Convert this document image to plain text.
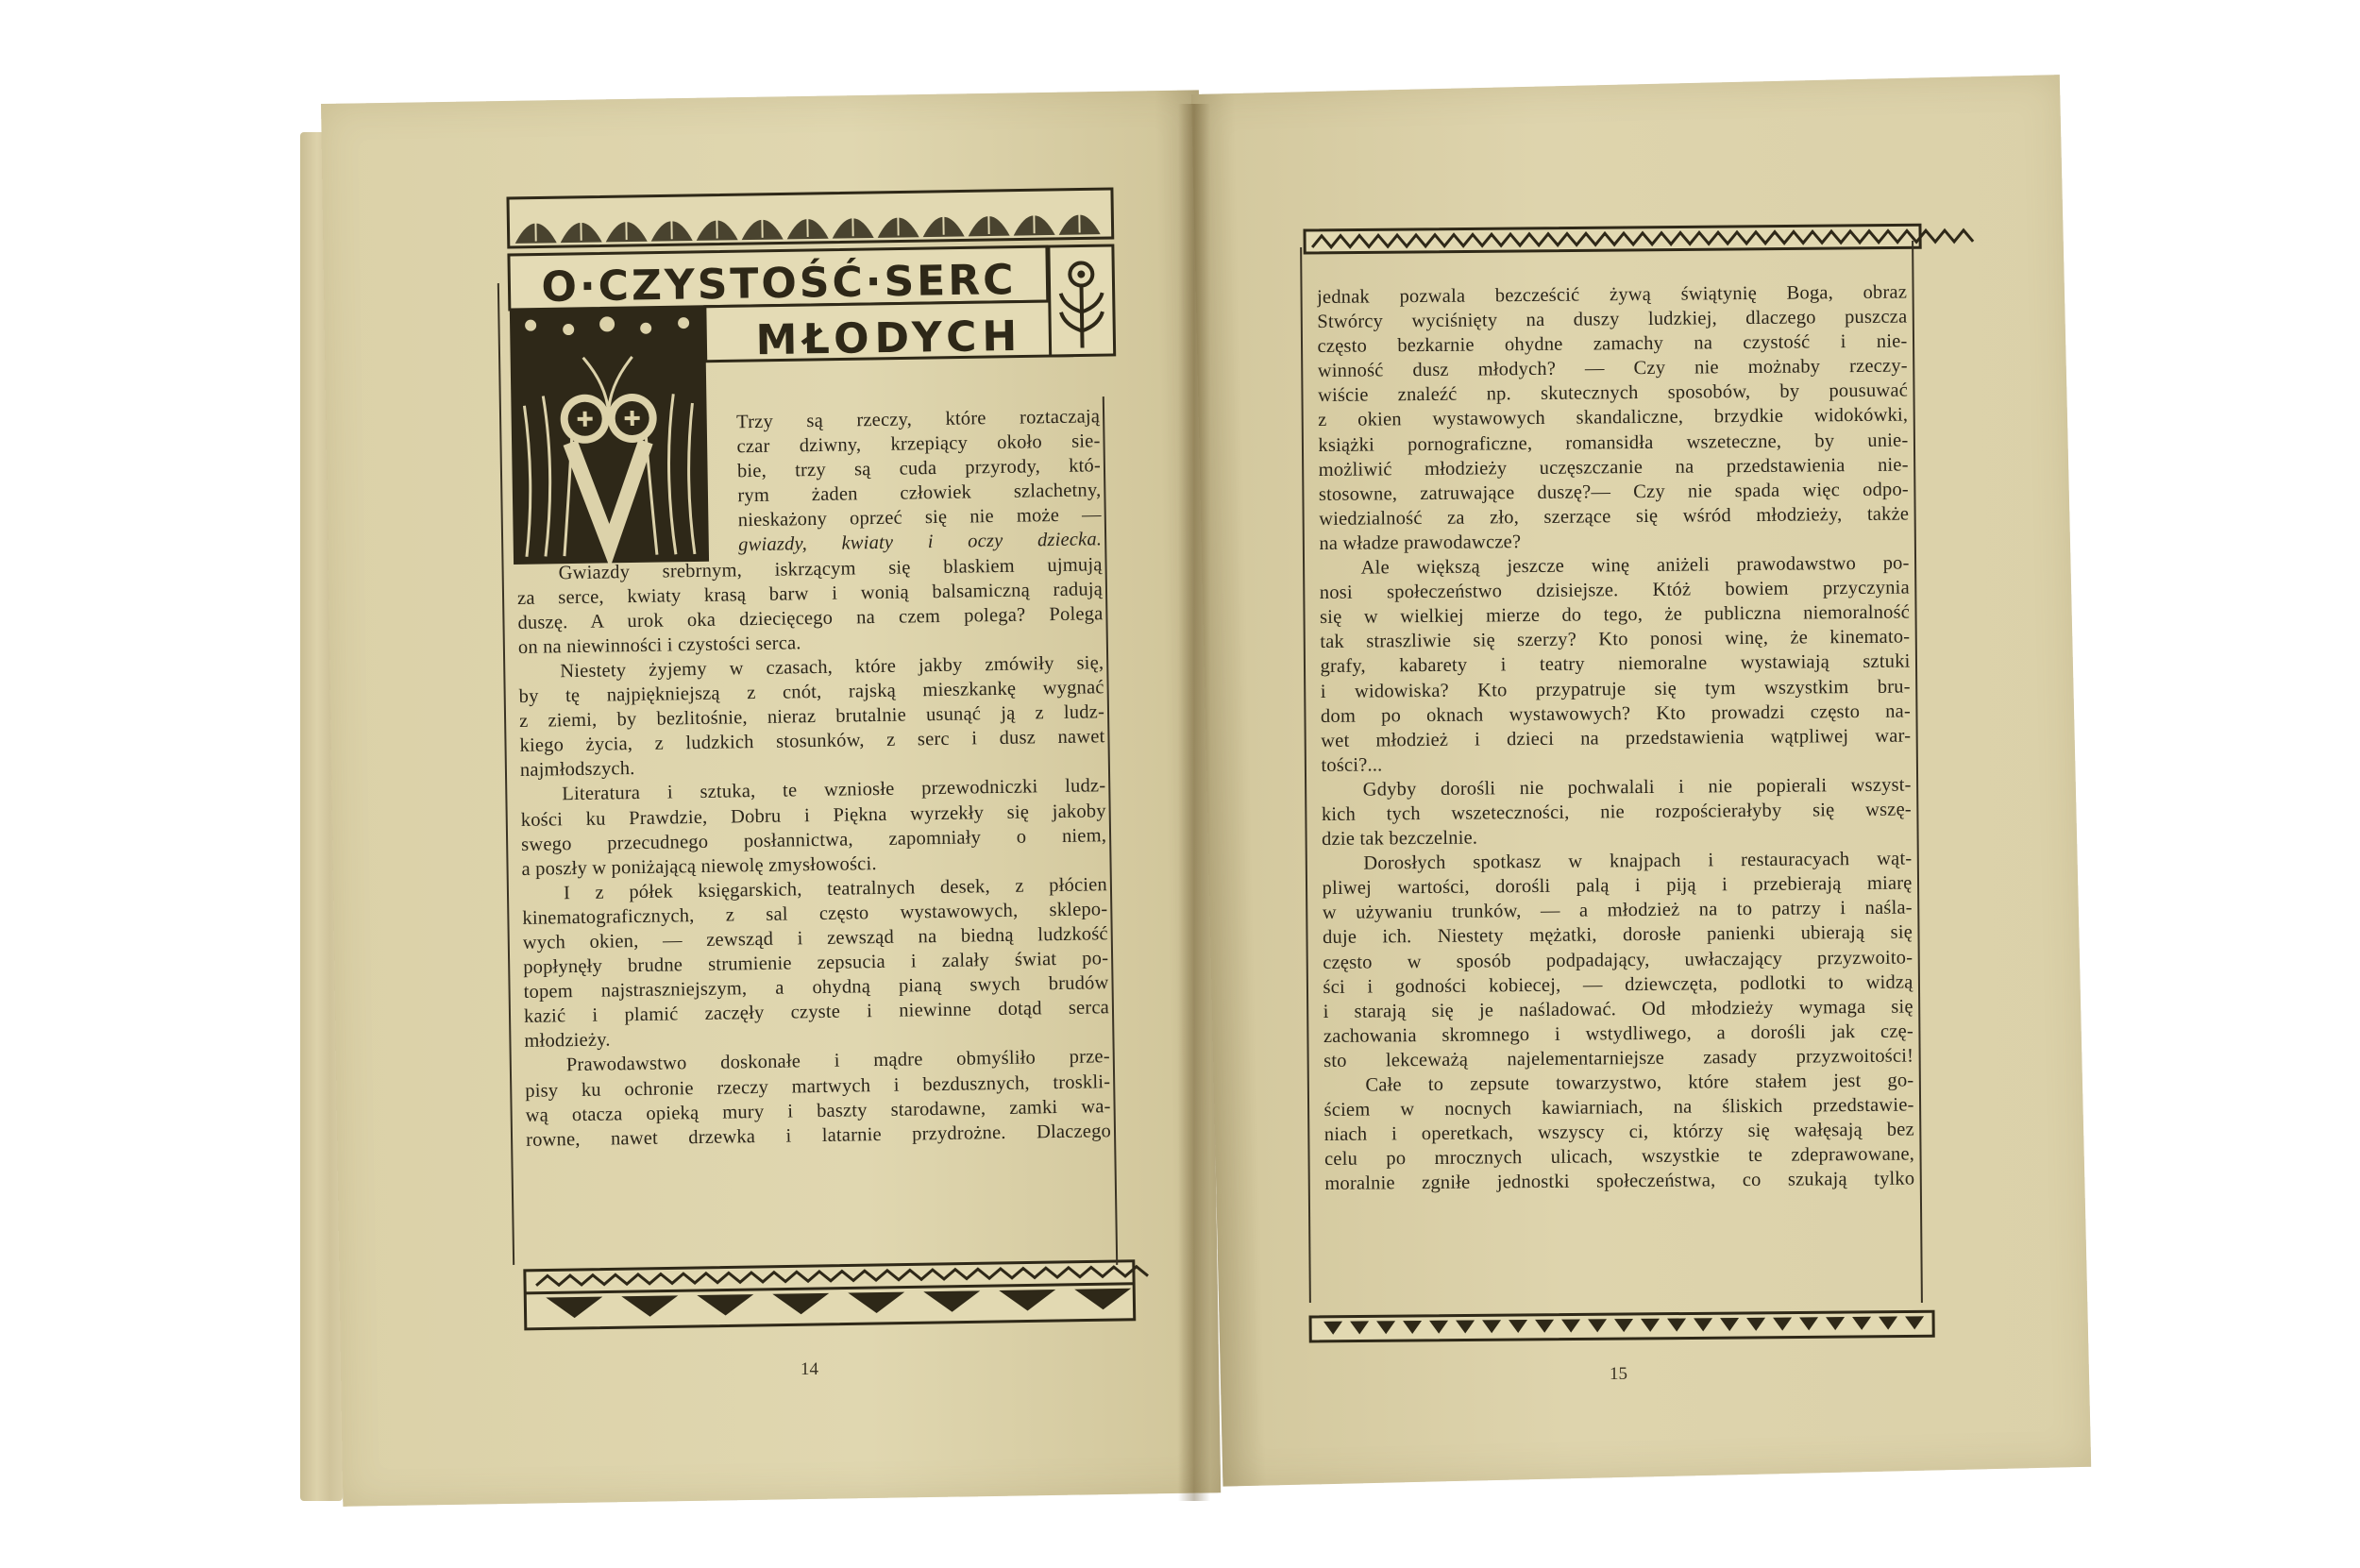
O·CZYSTOŚĆ·SERC
MŁODYCH
Trzy są rzeczy, które roztaczają
czar dziwny, krzepiący około sie-
bie, trzy są cuda przyrody, któ-
rym żaden człowiek szlachetny,
nieskażony oprzeć się nie może —
gwiazdy, kwiaty i oczy dziecka.
Gwiazdy srebrnym, iskrzącym się blaskiem ujmują
za serce, kwiaty krasą barw i wonią balsamiczną radują
duszę. A urok oka dziecięcego na czem polega? Polega
on na niewinności i czystości serca.
Niestety żyjemy w czasach, które jakby zmówiły się,
by tę najpiękniejszą z cnót, rajską mieszkankę wygnać
z ziemi, by bezlitośnie, nieraz brutalnie usunąć ją z ludz-
kiego życia, z ludzkich stosunków, z serc i dusz nawet
najmłodszych.
Literatura i sztuka, te wzniosłe przewodniczki ludz-
kości ku Prawdzie, Dobru i Piękna wyrzekły się jakoby
swego przecudnego posłannictwa, zapomniały o niem,
a poszły w poniżającą niewolę zmysłowości.
I z półek księgarskich, teatralnych desek, z płócien
kinematograficznych, z sal często wystawowych, sklepo-
wych okien, — zewsząd i zewsząd na biedną ludzkość
popłynęły brudne strumienie zepsucia i zalały świat po-
topem najstraszniejszym, a ohydną pianą swych brudów
kazić i plamić zaczęły czyste i niewinne dotąd serca
młodzieży.
Prawodawstwo doskonałe i mądre obmyśliło prze-
pisy ku ochronie rzeczy martwych i bezdusznych, troskli-
wą otacza opieką mury i baszty starodawne, zamki wa-
rowne, nawet drzewka i latarnie przydrożne. Dlaczego
jednak pozwala bezcześcić żywą świątynię Boga, obraz
Stwórcy wyciśnięty na duszy ludzkiej, dlaczego puszcza
często bezkarnie ohydne zamachy na czystość i nie-
winność dusz młodych? — Czy nie możnaby rzeczy-
wiście znaleźć np. skutecznych sposobów, by pousuwać
z okien wystawowych skandaliczne, brzydkie widokówki,
książki pornograficzne, romansidła wszeteczne, by unie-
możliwić młodzieży uczęszczanie na przedstawienia nie-
stosowne, zatruwające duszę?— Czy nie spada więc odpo-
wiedzialność za zło, szerzące się wśród młodzieży, także
na władze prawodawcze?
Ale większą jeszcze winę aniżeli prawodawstwo po-
nosi społeczeństwo dzisiejsze. Któż bowiem przyczynia
się w wielkiej mierze do tego, że publiczna niemoralność
tak straszliwie się szerzy? Kto ponosi winę, że kinemato-
grafy, kabarety i teatry niemoralne wystawiają sztuki
i widowiska? Kto przypatruje się tym wszystkim bru-
dom po oknach wystawowych? Kto prowadzi często na-
wet młodzież i dzieci na przedstawienia wątpliwej war-
tości?...
Gdyby dorośli nie pochwalali i nie popierali wszyst-
kich tych wszeteczności, nie rozpościerałyby się wszę-
dzie tak bezczelnie.
Dorosłych spotkasz w knajpach i restauracyach wąt-
pliwej wartości, dorośli palą i piją i przebierają miarę
w używaniu trunków, — a młodzież na to patrzy i naśla-
duje ich. Niestety mężatki, dorosłe panienki ubierają się
często w sposób podpadający, uwłaczający przyzwoito-
ści i godności kobiecej, — dziewczęta, podlotki to widzą
i starają się je naśladować. Od młodzieży wymaga się
zachowania skromnego i wstydliwego, a dorośli jak czę-
sto lekceważą najelementarniejsze zasady przyzwoitości!
Całe to zepsute towarzystwo, które stałem jest go-
ściem w nocnych kawiarniach, na śliskich przedstawie-
niach i operetkach, wszyscy ci, którzy się wałęsają bez
celu po mrocznych ulicach, wszystkie te zdeprawowane,
moralnie zgniłe jednostki społeczeństwa, co szukają tylko
14	15
